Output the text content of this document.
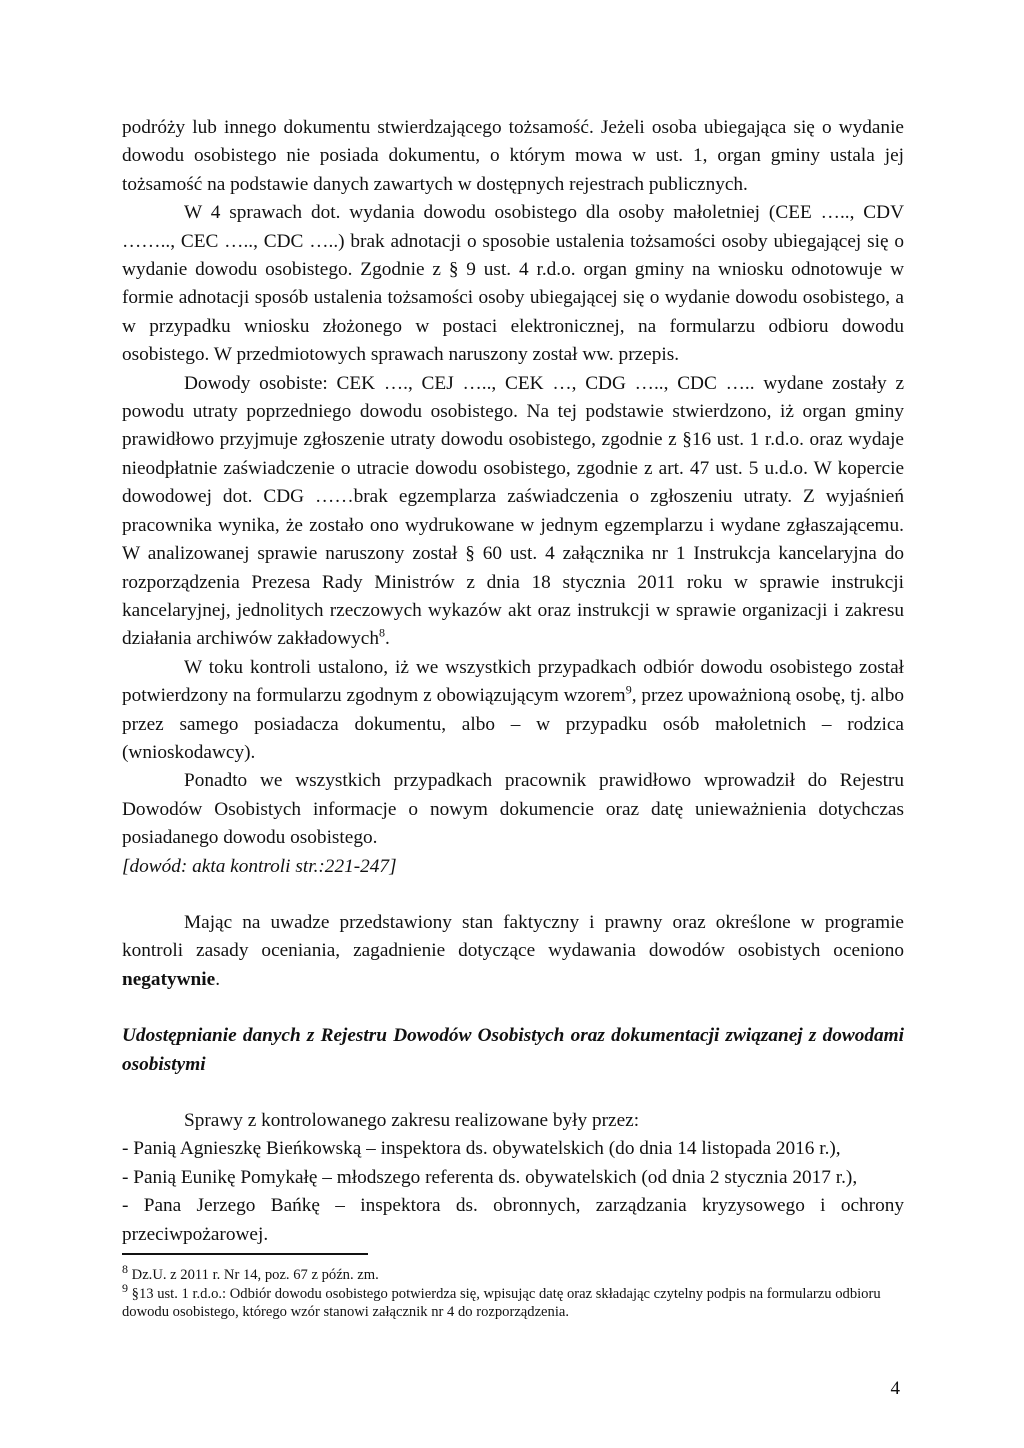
podróży lub innego dokumentu stwierdzającego tożsamość. Jeżeli osoba ubiegająca się o wydanie dowodu osobistego nie posiada dokumentu, o którym mowa w ust. 1, organ gminy ustala jej tożsamość na podstawie danych zawartych w dostępnych rejestrach publicznych.

W 4 sprawach dot. wydania dowodu osobistego dla osoby małoletniej (CEE ….., CDV …….., CEC ….., CDC …..) brak adnotacji o sposobie ustalenia tożsamości osoby ubiegającej się o wydanie dowodu osobistego. Zgodnie z § 9 ust. 4 r.d.o. organ gminy na wniosku odnotowuje w formie adnotacji sposób ustalenia tożsamości osoby ubiegającej się o wydanie dowodu osobistego, a w przypadku wniosku złożonego w postaci elektronicznej, na formularzu odbioru dowodu osobistego. W przedmiotowych sprawach naruszony został ww. przepis.

Dowody osobiste: CEK …., CEJ ….., CEK …, CDG ….., CDC ….. wydane zostały z powodu utraty poprzedniego dowodu osobistego. Na tej podstawie stwierdzono, iż organ gminy prawidłowo przyjmuje zgłoszenie utraty dowodu osobistego, zgodnie z §16 ust. 1 r.d.o. oraz wydaje nieodpłatnie zaświadczenie o utracie dowodu osobistego, zgodnie z art. 47 ust. 5 u.d.o. W kopercie dowodowej dot. CDG ……brak egzemplarza zaświadczenia o zgłoszeniu utraty. Z wyjaśnień pracownika wynika, że zostało ono wydrukowane w jednym egzemplarzu i wydane zgłaszającemu. W analizowanej sprawie naruszony został § 60 ust. 4 załącznika nr 1 Instrukcja kancelaryjna do rozporządzenia Prezesa Rady Ministrów z dnia 18 stycznia 2011 roku w sprawie instrukcji kancelaryjnej, jednolitych rzeczowych wykazów akt oraz instrukcji w sprawie organizacji i zakresu działania archiwów zakładowych$^8$.

W toku kontroli ustalono, iż we wszystkich przypadkach odbiór dowodu osobistego został potwierdzony na formularzu zgodnym z obowiązującym wzorem$^9$, przez upoważnioną osobę, tj. albo przez samego posiadacza dokumentu, albo – w przypadku osób małoletnich – rodzica (wnioskodawcy).

Ponadto we wszystkich przypadkach pracownik prawidłowo wprowadził do Rejestru Dowodów Osobistych informacje o nowym dokumencie oraz datę unieważnienia dotychczas posiadanego dowodu osobistego.

[dowód: akta kontroli str.:221-247]

Mając na uwadze przedstawiony stan faktyczny i prawny oraz określone w programie kontroli zasady oceniania, zagadnienie dotyczące wydawania dowodów osobistych oceniono negatywnie.

Udostępnianie danych z Rejestru Dowodów Osobistych oraz dokumentacji związanej z dowodami osobistymi

Sprawy z kontrolowanego zakresu realizowane były przez:

- Panią Agnieszkę Bieńkowską – inspektora ds. obywatelskich (do dnia 14 listopada 2016 r.),

- Panią Eunikę Pomykałę – młodszego referenta ds. obywatelskich (od dnia 2 stycznia 2017 r.),

- Pana Jerzego Bańkę – inspektora ds. obronnych, zarządzania kryzysowego i ochrony przeciwpożarowej.

$^8$ Dz.U. z 2011 r. Nr 14, poz. 67 z późn. zm.

$^9$ §13 ust. 1 r.d.o.: Odbiór dowodu osobistego potwierdza się, wpisując datę oraz składając czytelny podpis na formularzu odbioru dowodu osobistego, którego wzór stanowi załącznik nr 4 do rozporządzenia.

4
